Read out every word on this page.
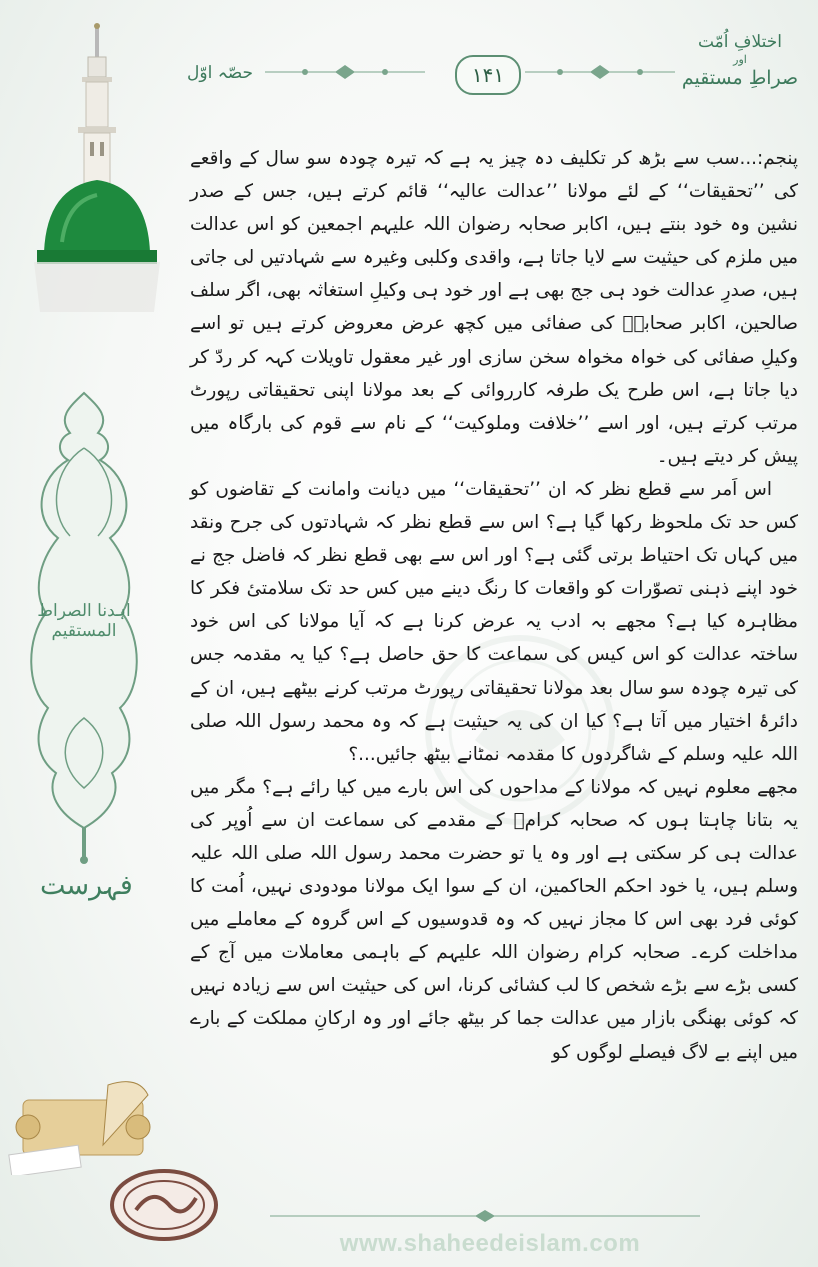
حصّہ اوّل	۱۴۱
اختلافِ اُمّت
اور
صراطِ مستقیم
اہدنا الصراط المستقیم
فہرست

پنجم:...سب سے بڑھ کر تکلیف دہ چیز یہ ہے کہ تیرہ چودہ سو سال کے واقعے کی ’’تحقیقات‘‘ کے لئے مولانا ’’عدالت عالیہ‘‘ قائم کرتے ہیں، جس کے صدر نشین وہ خود بنتے ہیں، اکابر صحابہ رضوان اللہ علیہم اجمعین کو اس عدالت میں ملزم کی حیثیت سے لایا جاتا ہے، واقدی وکلبی وغیرہ سے شہادتیں لی جاتی ہیں، صدرِ عدالت خود ہی جج بھی ہے اور خود ہی وکیلِ استغاثہ بھی، اگر سلف صالحین، اکابر صحابہؓ کی صفائی میں کچھ عرض معروض کرتے ہیں تو اسے وکیلِ صفائی کی خواہ مخواہ سخن سازی اور غیر معقول تاویلات کہہ کر ردّ کر دیا جاتا ہے، اس طرح یک طرفہ کارروائی کے بعد مولانا اپنی تحقیقاتی رپورٹ مرتب کرتے ہیں، اور اسے ’’خلافت وملوکیت‘‘ کے نام سے قوم کی بارگاہ میں پیش کر دیتے ہیں۔

اس اَمر سے قطع نظر کہ ان ’’تحقیقات‘‘ میں دیانت وامانت کے تقاضوں کو کس حد تک ملحوظ رکھا گیا ہے؟ اس سے قطع نظر کہ شہادتوں کی جرح ونقد میں کہاں تک احتیاط برتی گئی ہے؟ اور اس سے بھی قطع نظر کہ فاضل جج نے خود اپنے ذہنی تصوّرات کو واقعات کا رنگ دینے میں کس حد تک سلامتیٔ فکر کا مظاہرہ کیا ہے؟ مجھے بہ ادب یہ عرض کرنا ہے کہ آیا مولانا کی اس خود ساختہ عدالت کو اس کیس کی سماعت کا حق حاصل ہے؟ کیا یہ مقدمہ جس کی تیرہ چودہ سو سال بعد مولانا تحقیقاتی رپورٹ مرتب کرنے بیٹھے ہیں، ان کے دائرۂ اختیار میں آتا ہے؟ کیا ان کی یہ حیثیت ہے کہ وہ محمد رسول اللہ صلی اللہ علیہ وسلم کے شاگردوں کا مقدمہ نمٹانے بیٹھ جائیں...؟

مجھے معلوم نہیں کہ مولانا کے مداحوں کی اس بارے میں کیا رائے ہے؟ مگر میں یہ بتانا چاہتا ہوں کہ صحابہ کرامؓ کے مقدمے کی سماعت ان سے اُوپر کی عدالت ہی کر سکتی ہے اور وہ یا تو حضرت محمد رسول اللہ صلی اللہ علیہ وسلم ہیں، یا خود احکم الحاکمین، ان کے سوا ایک مولانا مودودی نہیں، اُمت کا کوئی فرد بھی اس کا مجاز نہیں کہ وہ قدوسیوں کے اس گروہ کے معاملے میں مداخلت کرے۔ صحابہ کرام رضوان اللہ علیہم کے باہمی معاملات میں آج کے کسی بڑے سے بڑے شخص کا لب کشائی کرنا، اس کی حیثیت اس سے زیادہ نہیں کہ کوئی بھنگی بازار میں عدالت جما کر بیٹھ جائے اور وہ ارکانِ مملکت کے بارے میں اپنے بے لاگ فیصلے لوگوں کو

www.shaheedeislam.com
